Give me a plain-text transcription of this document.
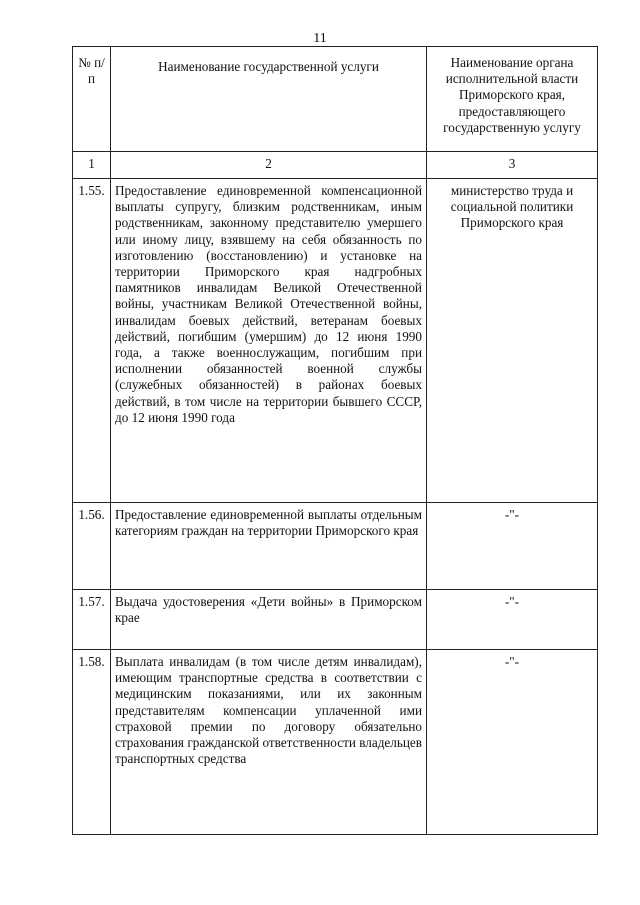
11
№ п/п	Наименование государственной услуги	Наименование органа исполнительной власти Приморского края, предоставляющего государственную услугу
1	2	3
1.55.	Предоставление единовременной компенсационной выплаты супругу, близким родственникам, иным родственникам, законному представителю умершего или иному лицу, взявшему на себя обязанность по изготовлению (восстановлению) и установке на территории Приморского края надгробных памятников инвалидам Великой Отечественной войны, участникам Великой Отечественной войны, инвалидам боевых действий, ветеранам боевых действий, погибшим (умершим) до 12 июня 1990 года, а также военнослужащим, погибшим при исполнении обязанностей военной службы (служебных обязанностей) в районах боевых действий, в том числе на территории бывшего СССР, до 12 июня 1990 года	министерство труда и социальной политики Приморского края
1.56.	Предоставление единовременной выплаты отдельным категориям граждан на территории Приморского края	-"-
1.57.	Выдача удостоверения «Дети войны» в Приморском крае	-"-
1.58.	Выплата инвалидам (в том числе детям инвалидам), имеющим транспортные средства в соответствии с медицинским показаниями, или их законным представителям компенсации уплаченной ими страховой премии по договору обязательно страхования гражданской ответственности владельцев транспортных средства	-"-
